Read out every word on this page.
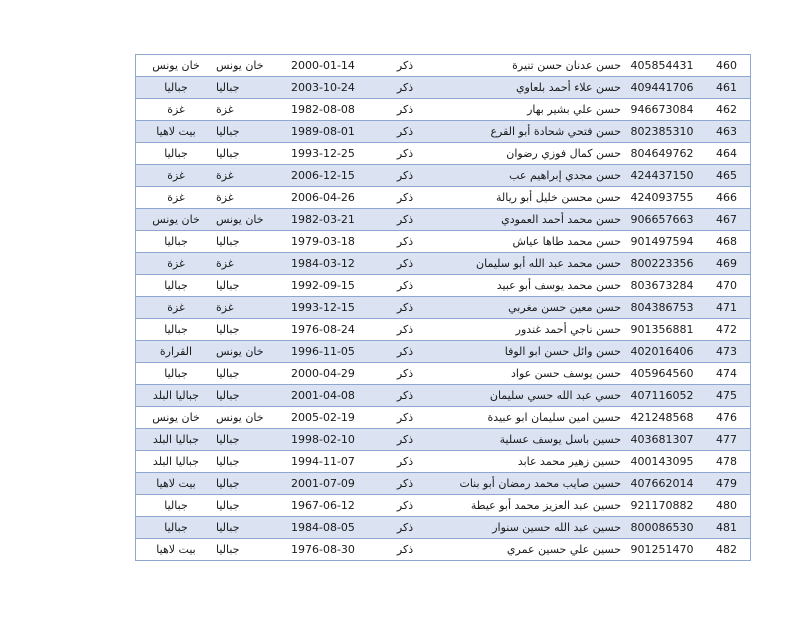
خان يونس	خان يونس	2000-01-14	ذكر	حسن عدنان حسن تنيرة	405854431	460
جباليا	جباليا	2003-10-24	ذكر	حسن علاء أحمد بلعاوي	409441706	461
غزة	غزة	1982-08-08	ذكر	حسن علي بشير بهار	946673084	462
بيت لاهيا	جباليا	1989-08-01	ذكر	حسن فتحي شحادة أبو القرع	802385310	463
جباليا	جباليا	1993-12-25	ذكر	حسن كمال فوزي رضوان	804649762	464
غزة	غزة	2006-12-15	ذكر	حسن مجدي إبراهيم عب	424437150	465
غزة	غزة	2006-04-26	ذكر	حسن محسن خليل أبو ريالة	424093755	466
خان يونس	خان يونس	1982-03-21	ذكر	حسن محمد أحمد العمودي	906657663	467
جباليا	جباليا	1979-03-18	ذكر	حسن محمد طاها عياش	901497594	468
غزة	غزة	1984-03-12	ذكر	حسن محمد عبد الله أبو سليمان	800223356	469
جباليا	جباليا	1992-09-15	ذكر	حسن محمد يوسف أبو عبيد	803673284	470
غزة	غزة	1993-12-15	ذكر	حسن معين حسن مغربي	804386753	471
جباليا	جباليا	1976-08-24	ذكر	حسن ناجي أحمد غندور	901356881	472
القرارة	خان يونس	1996-11-05	ذكر	حسن وائل حسن ابو الوفا	402016406	473
جباليا	جباليا	2000-04-29	ذكر	حسن يوسف حسن عواد	405964560	474
جباليا البلد	جباليا	2001-04-08	ذكر	حسي عبد الله حسي سليمان	407116052	475
خان يونس	خان يونس	2005-02-19	ذكر	حسين امين سليمان ابو عبيدة	421248568	476
جباليا البلد	جباليا	1998-02-10	ذكر	حسين باسل يوسف عسلية	403681307	477
جباليا البلد	جباليا	1994-11-07	ذكر	حسين زهير محمد عابد	400143095	478
بيت لاهيا	جباليا	2001-07-09	ذكر	حسين صايب محمد رمضان أبو بنات	407662014	479
جباليا	جباليا	1967-06-12	ذكر	حسين عبد العزيز محمد أبو عيطة	921170882	480
جباليا	جباليا	1984-08-05	ذكر	حسين عبد الله حسين سنوار	800086530	481
بيت لاهيا	جباليا	1976-08-30	ذكر	حسين علي حسين عمري	901251470	482
